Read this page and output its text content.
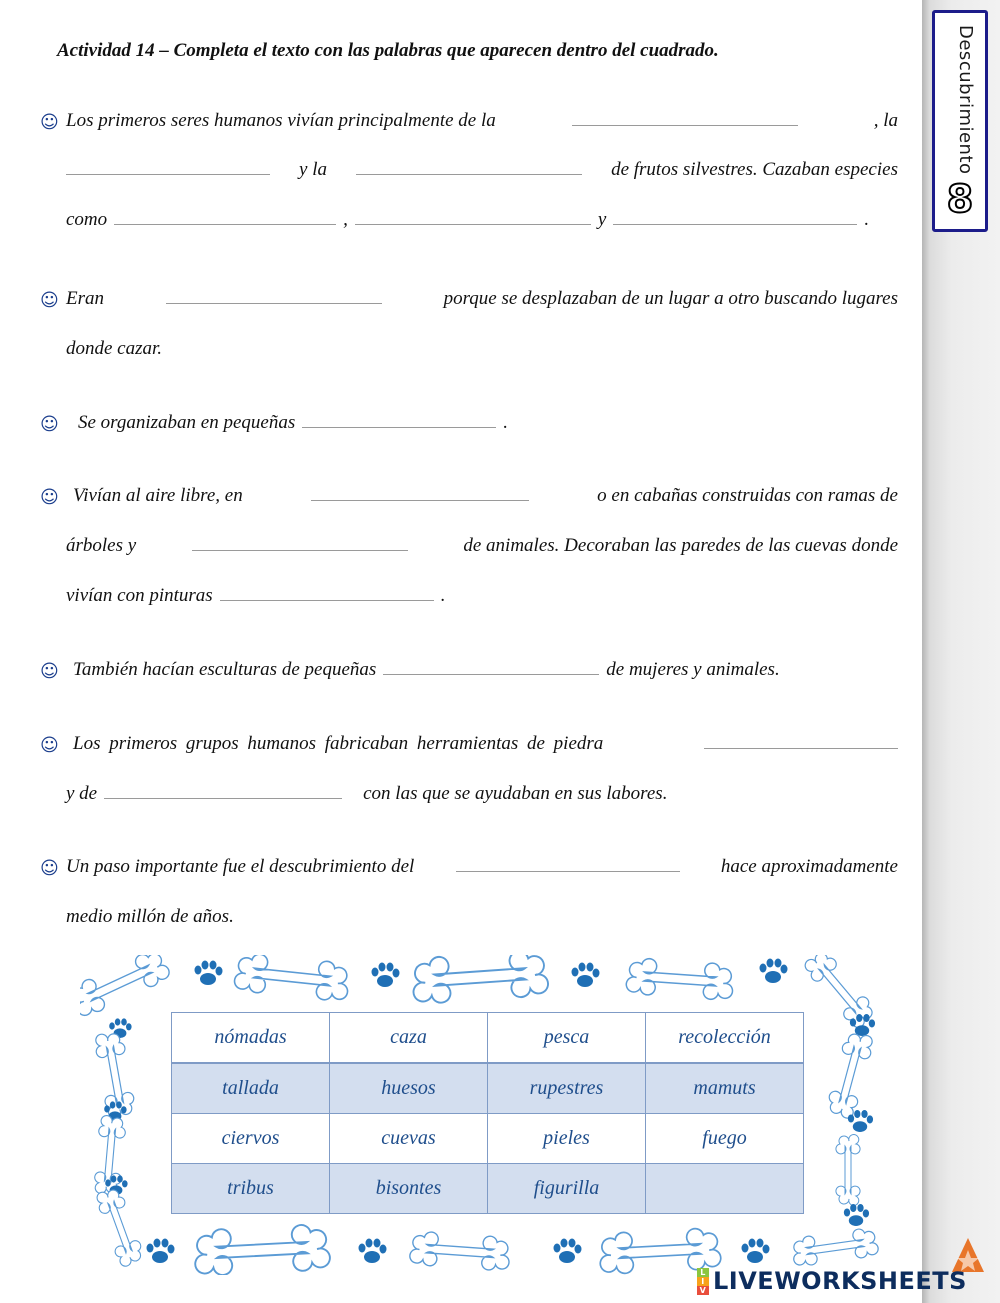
Descubrimiento
8
Actividad 14 – Completa el texto con las palabras que aparecen dentro del cuadrado.
☺ Los primeros seres humanos vivían principalmente de la	, la
y la	de frutos silvestres. Cazaban especies
como	,	y	.
☺ Eran	porque se desplazaban de un lugar a otro buscando lugares
donde cazar.
☺ Se organizaban en pequeñas	.
☺ Vivían al aire libre, en	o en cabañas construidas con ramas de
árboles y	de animales. Decoraban las paredes de las cuevas donde
vivían con pinturas	.
☺ También hacían esculturas de pequeñas	de mujeres y animales.
☺ Los primeros grupos humanos fabricaban herramientas de piedra
y de	con las que se ayudaban en sus labores.
☺ Un paso importante fue el descubrimiento del	hace aproximadamente
medio millón de años.
nómadas	caza	pesca	recolección
tallada	huesos	rupestres	mamuts
ciervos	cuevas	pieles	fuego
tribus	bisontes	figurilla	
L
I
V LIVEWORKSHEETS
